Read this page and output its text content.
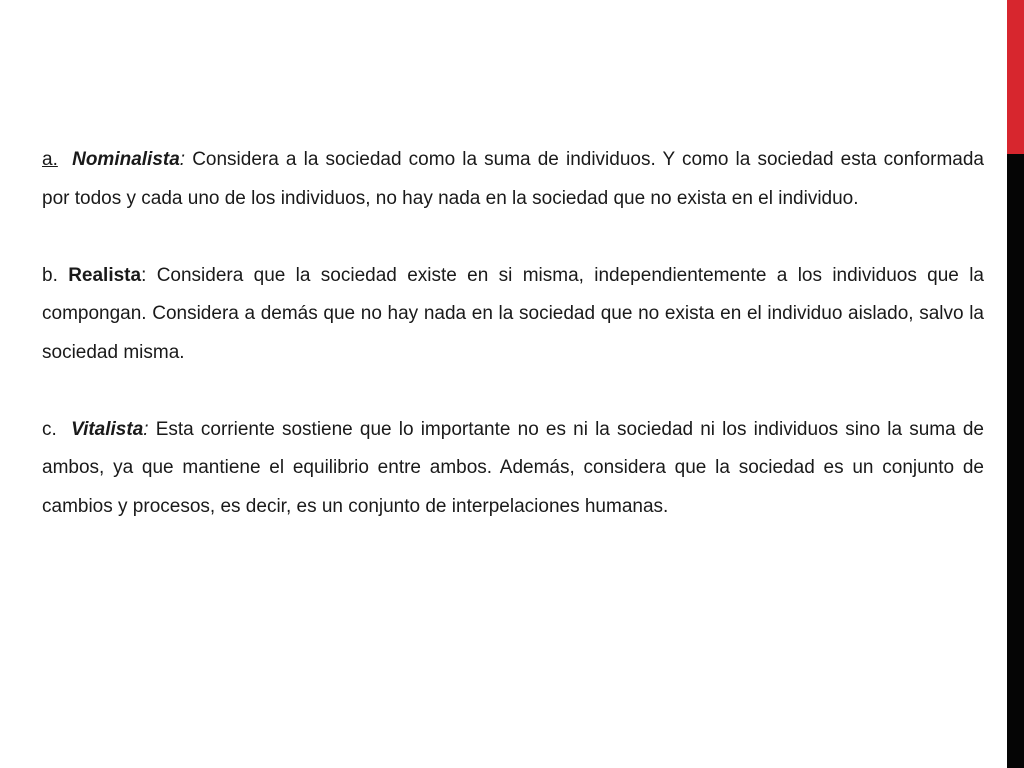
a. Nominalista: Considera a la sociedad como la suma de individuos. Y como la sociedad esta conformada por todos y cada uno de los individuos, no hay nada en la sociedad que no exista en el individuo.

b. Realista: Considera que la sociedad existe en si misma, independientemente a los individuos que la compongan. Considera a demás que no hay nada en la sociedad que no exista en el individuo aislado, salvo la sociedad misma.

c. Vitalista: Esta corriente sostiene que lo importante no es ni la sociedad ni los individuos sino la suma de ambos, ya que mantiene el equilibrio entre ambos. Además, considera que la sociedad es un conjunto de cambios y procesos, es decir, es un conjunto de interpelaciones humanas.
